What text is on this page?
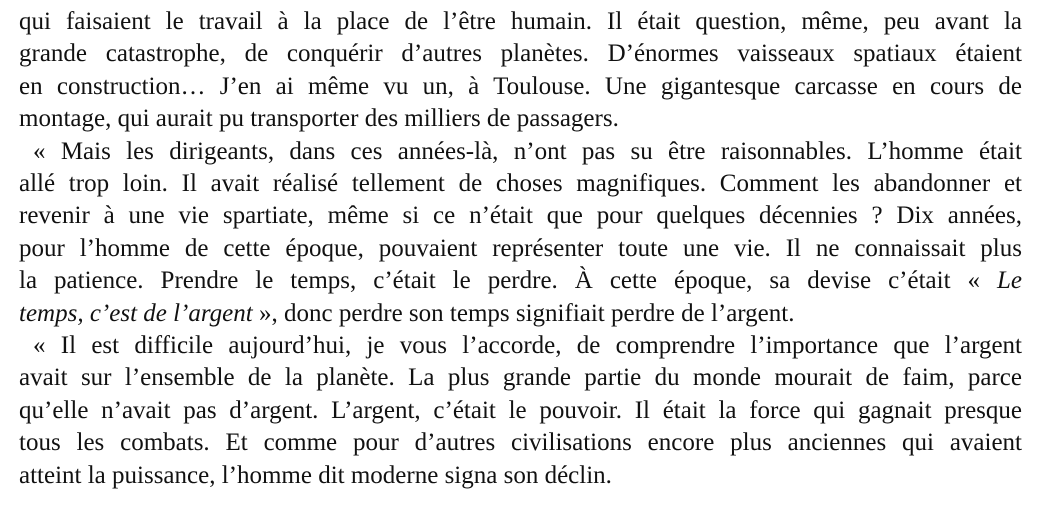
qui faisaient le travail à la place de l’être humain. Il était question, même, peu avant la
grande catastrophe, de conquérir d’autres planètes. D’énormes vaisseaux spatiaux étaient
en construction… J’en ai même vu un, à Toulouse. Une gigantesque carcasse en cours de
montage, qui aurait pu transporter des milliers de passagers.
« Mais les dirigeants, dans ces années-là, n’ont pas su être raisonnables. L’homme était
allé trop loin. Il avait réalisé tellement de choses magnifiques. Comment les abandonner et
revenir à une vie spartiate, même si ce n’était que pour quelques décennies ? Dix années,
pour l’homme de cette époque, pouvaient représenter toute une vie. Il ne connaissait plus
la patience. Prendre le temps, c’était le perdre. À cette époque, sa devise c’était « Le
temps, c’est de l’argent », donc perdre son temps signifiait perdre de l’argent.
« Il est difficile aujourd’hui, je vous l’accorde, de comprendre l’importance que l’argent
avait sur l’ensemble de la planète. La plus grande partie du monde mourait de faim, parce
qu’elle n’avait pas d’argent. L’argent, c’était le pouvoir. Il était la force qui gagnait presque
tous les combats. Et comme pour d’autres civilisations encore plus anciennes qui avaient
atteint la puissance, l’homme dit moderne signa son déclin.
